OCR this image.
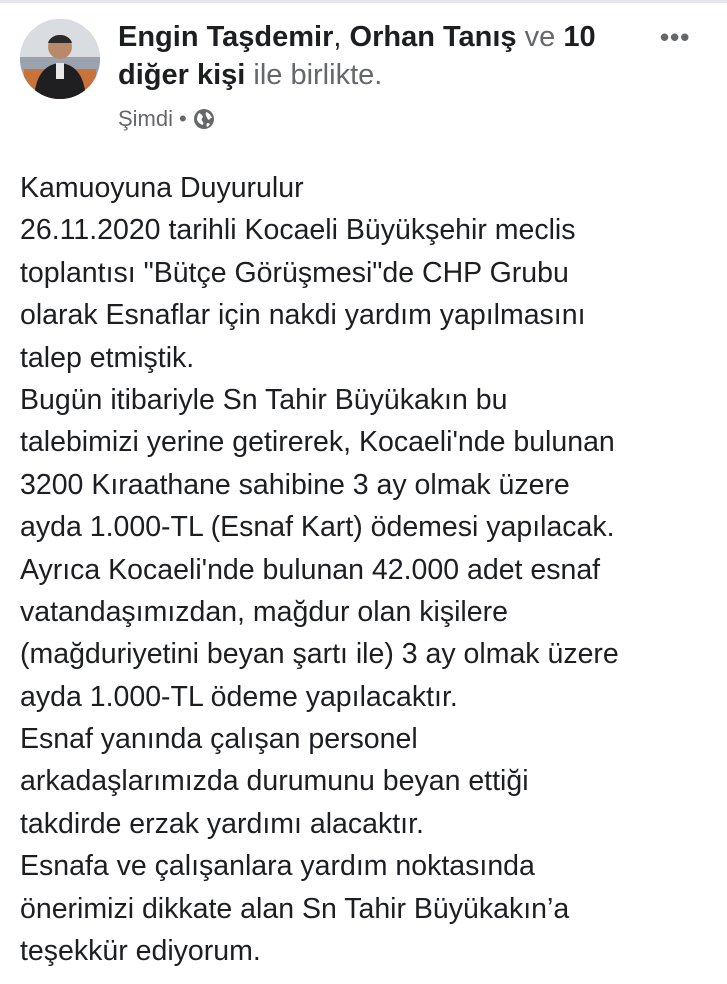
Engin Taşdemir, Orhan Tanış ve 10 diğer kişi ile birlikte.
•••
Şimdi •
Kamuoyuna Duyurulur
26.11.2020 tarihli Kocaeli Büyükşehir meclis
toplantısı "Bütçe Görüşmesi"de CHP Grubu
olarak Esnaflar için nakdi yardım yapılmasını
talep etmiştik.
Bugün itibariyle Sn Tahir Büyükakın bu
talebimizi yerine getirerek, Kocaeli'nde bulunan
3200 Kıraathane sahibine 3 ay olmak üzere
ayda 1.000-TL (Esnaf Kart) ödemesi yapılacak.
Ayrıca Kocaeli'nde bulunan 42.000 adet esnaf
vatandaşımızdan, mağdur olan kişilere
(mağduriyetini beyan şartı ile) 3 ay olmak üzere
ayda 1.000-TL ödeme yapılacaktır.
Esnaf yanında çalışan personel
arkadaşlarımızda durumunu beyan ettiği
takdirde erzak yardımı alacaktır.
Esnafa ve çalışanlara yardım noktasında
önerimizi dikkate alan Sn Tahir Büyükakın’a
teşekkür ediyorum.
